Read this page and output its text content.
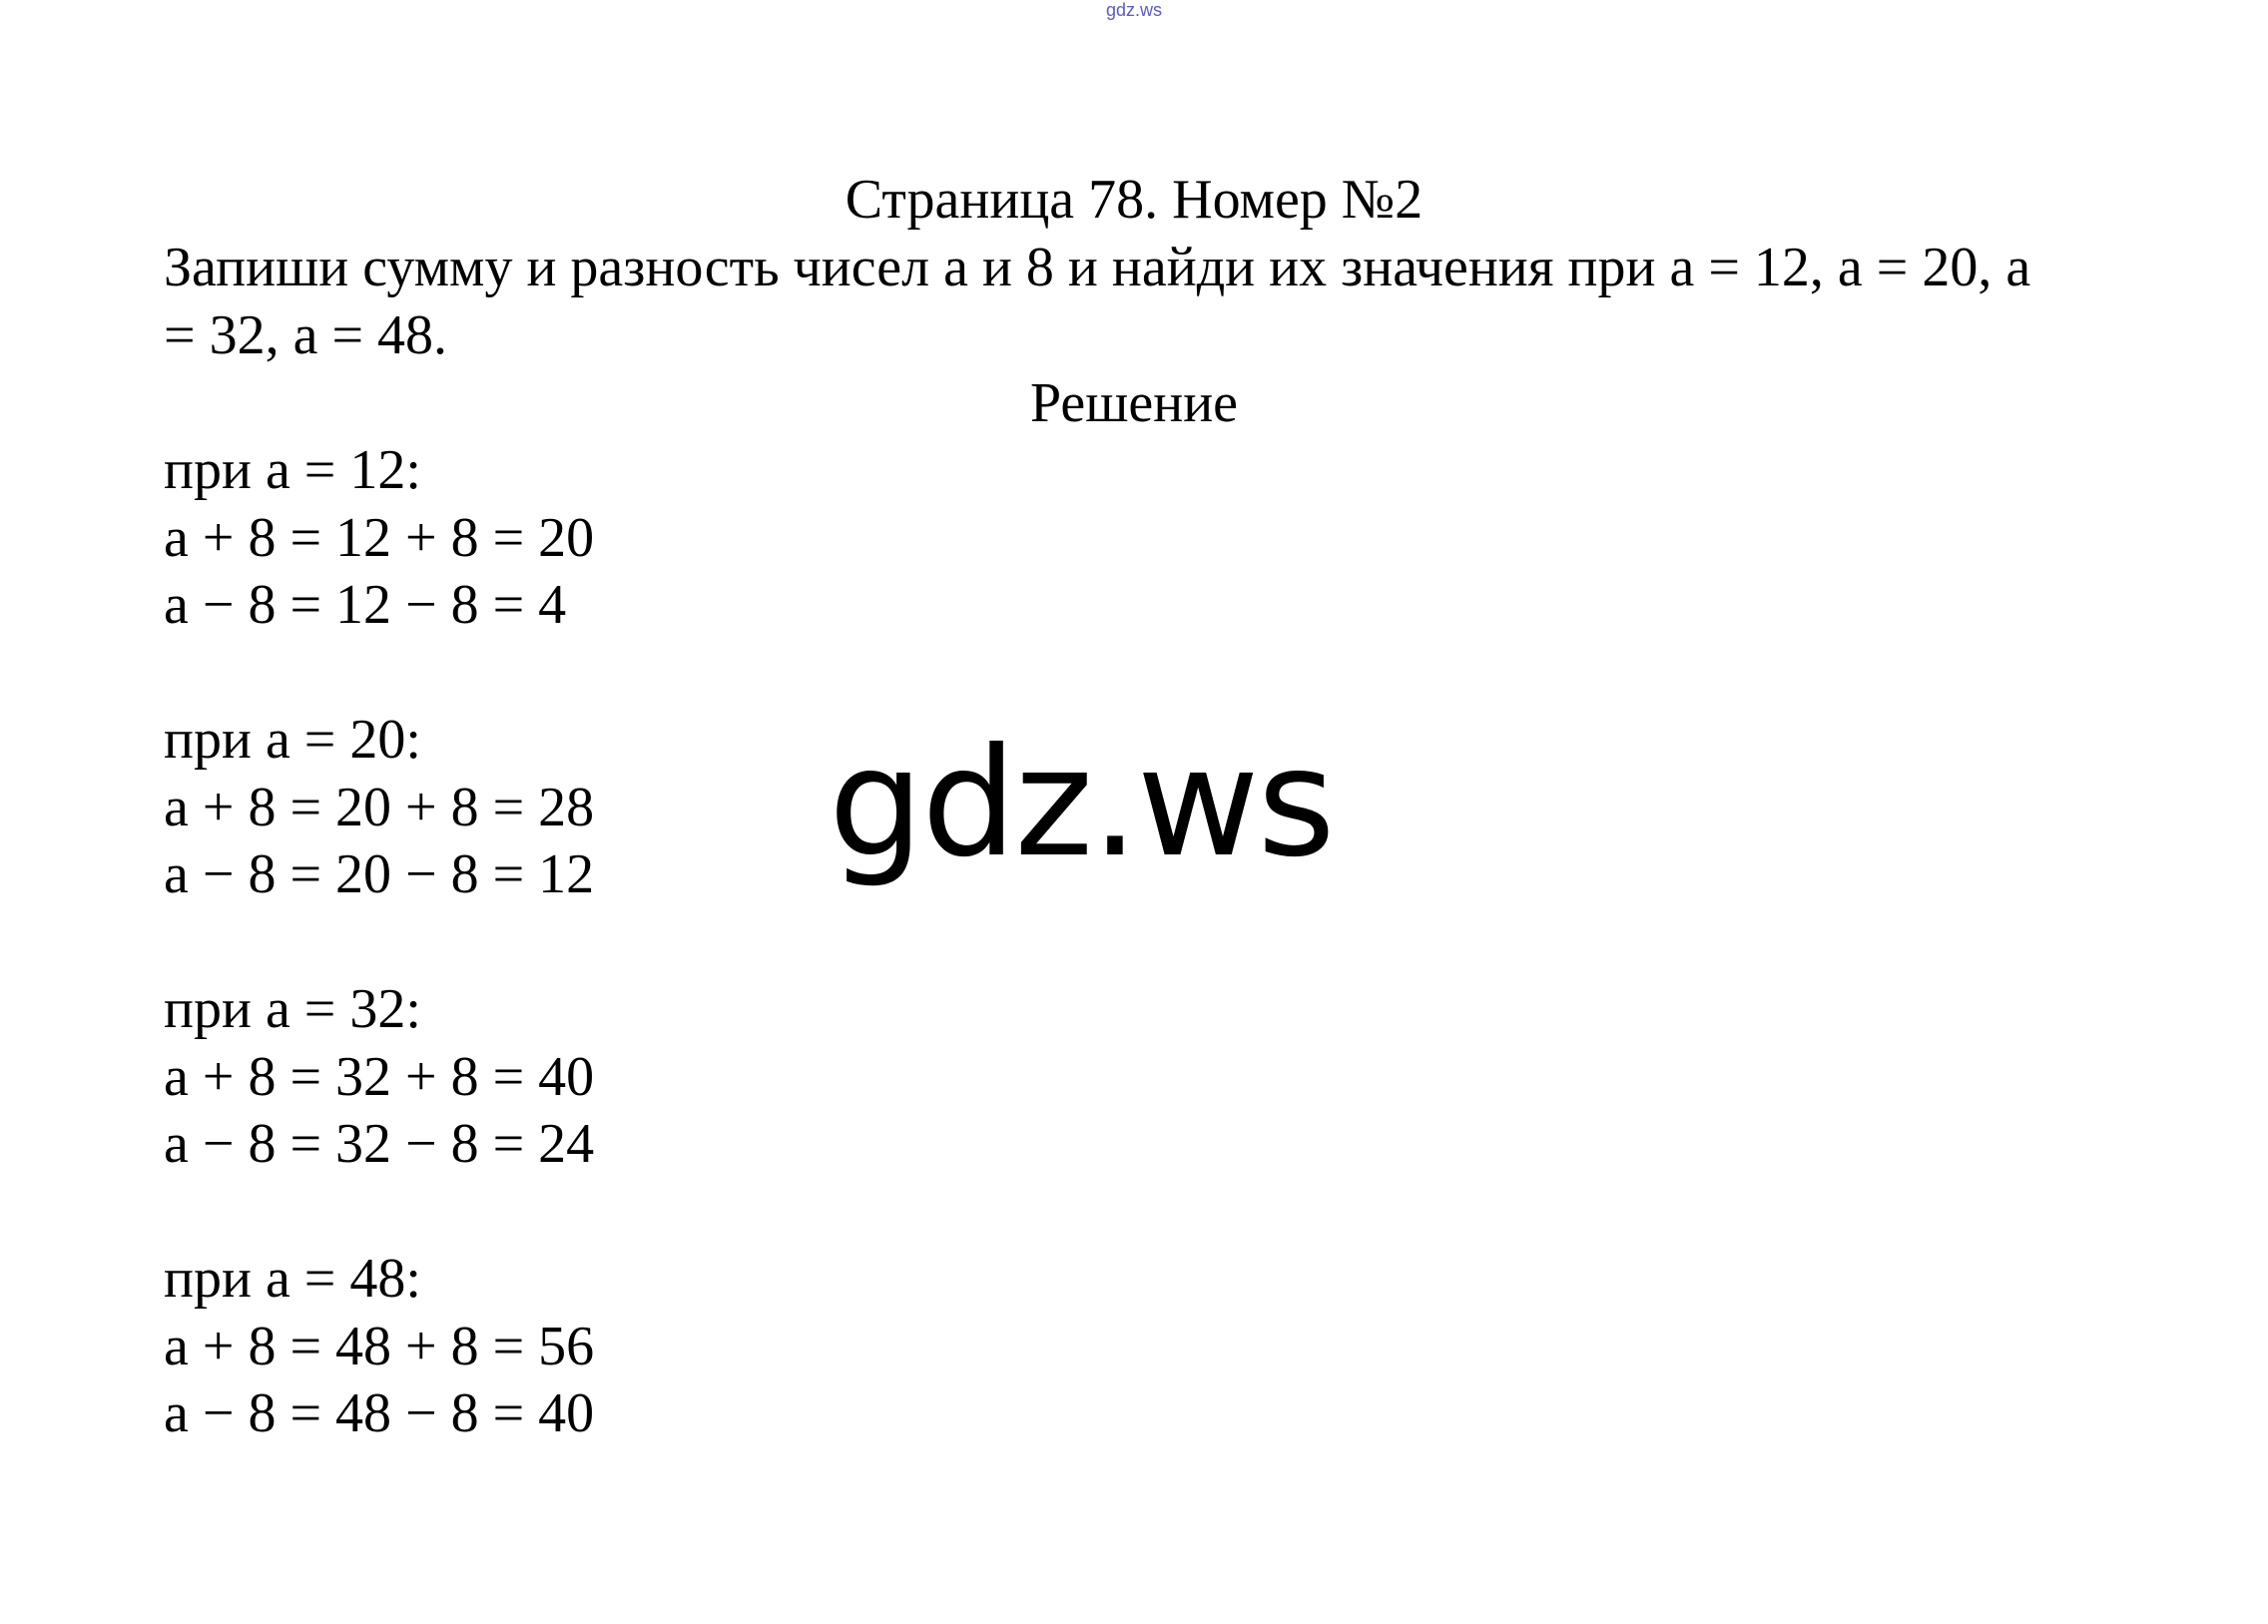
gdz.ws
Страница 78. Номер №2
Запиши сумму и разность чисел а и 8 и найди их значения при а = 12, а = 20, а = 32, а = 48.
Решение
при а = 12:
а + 8 = 12 + 8 = 20
а − 8 = 12 − 8 = 4
при а = 20:
а + 8 = 20 + 8 = 28
а − 8 = 20 − 8 = 12
при а = 32:
а + 8 = 32 + 8 = 40
а − 8 = 32 − 8 = 24
при а = 48:
а + 8 = 48 + 8 = 56
а − 8 = 48 − 8 = 40
gdz.ws
